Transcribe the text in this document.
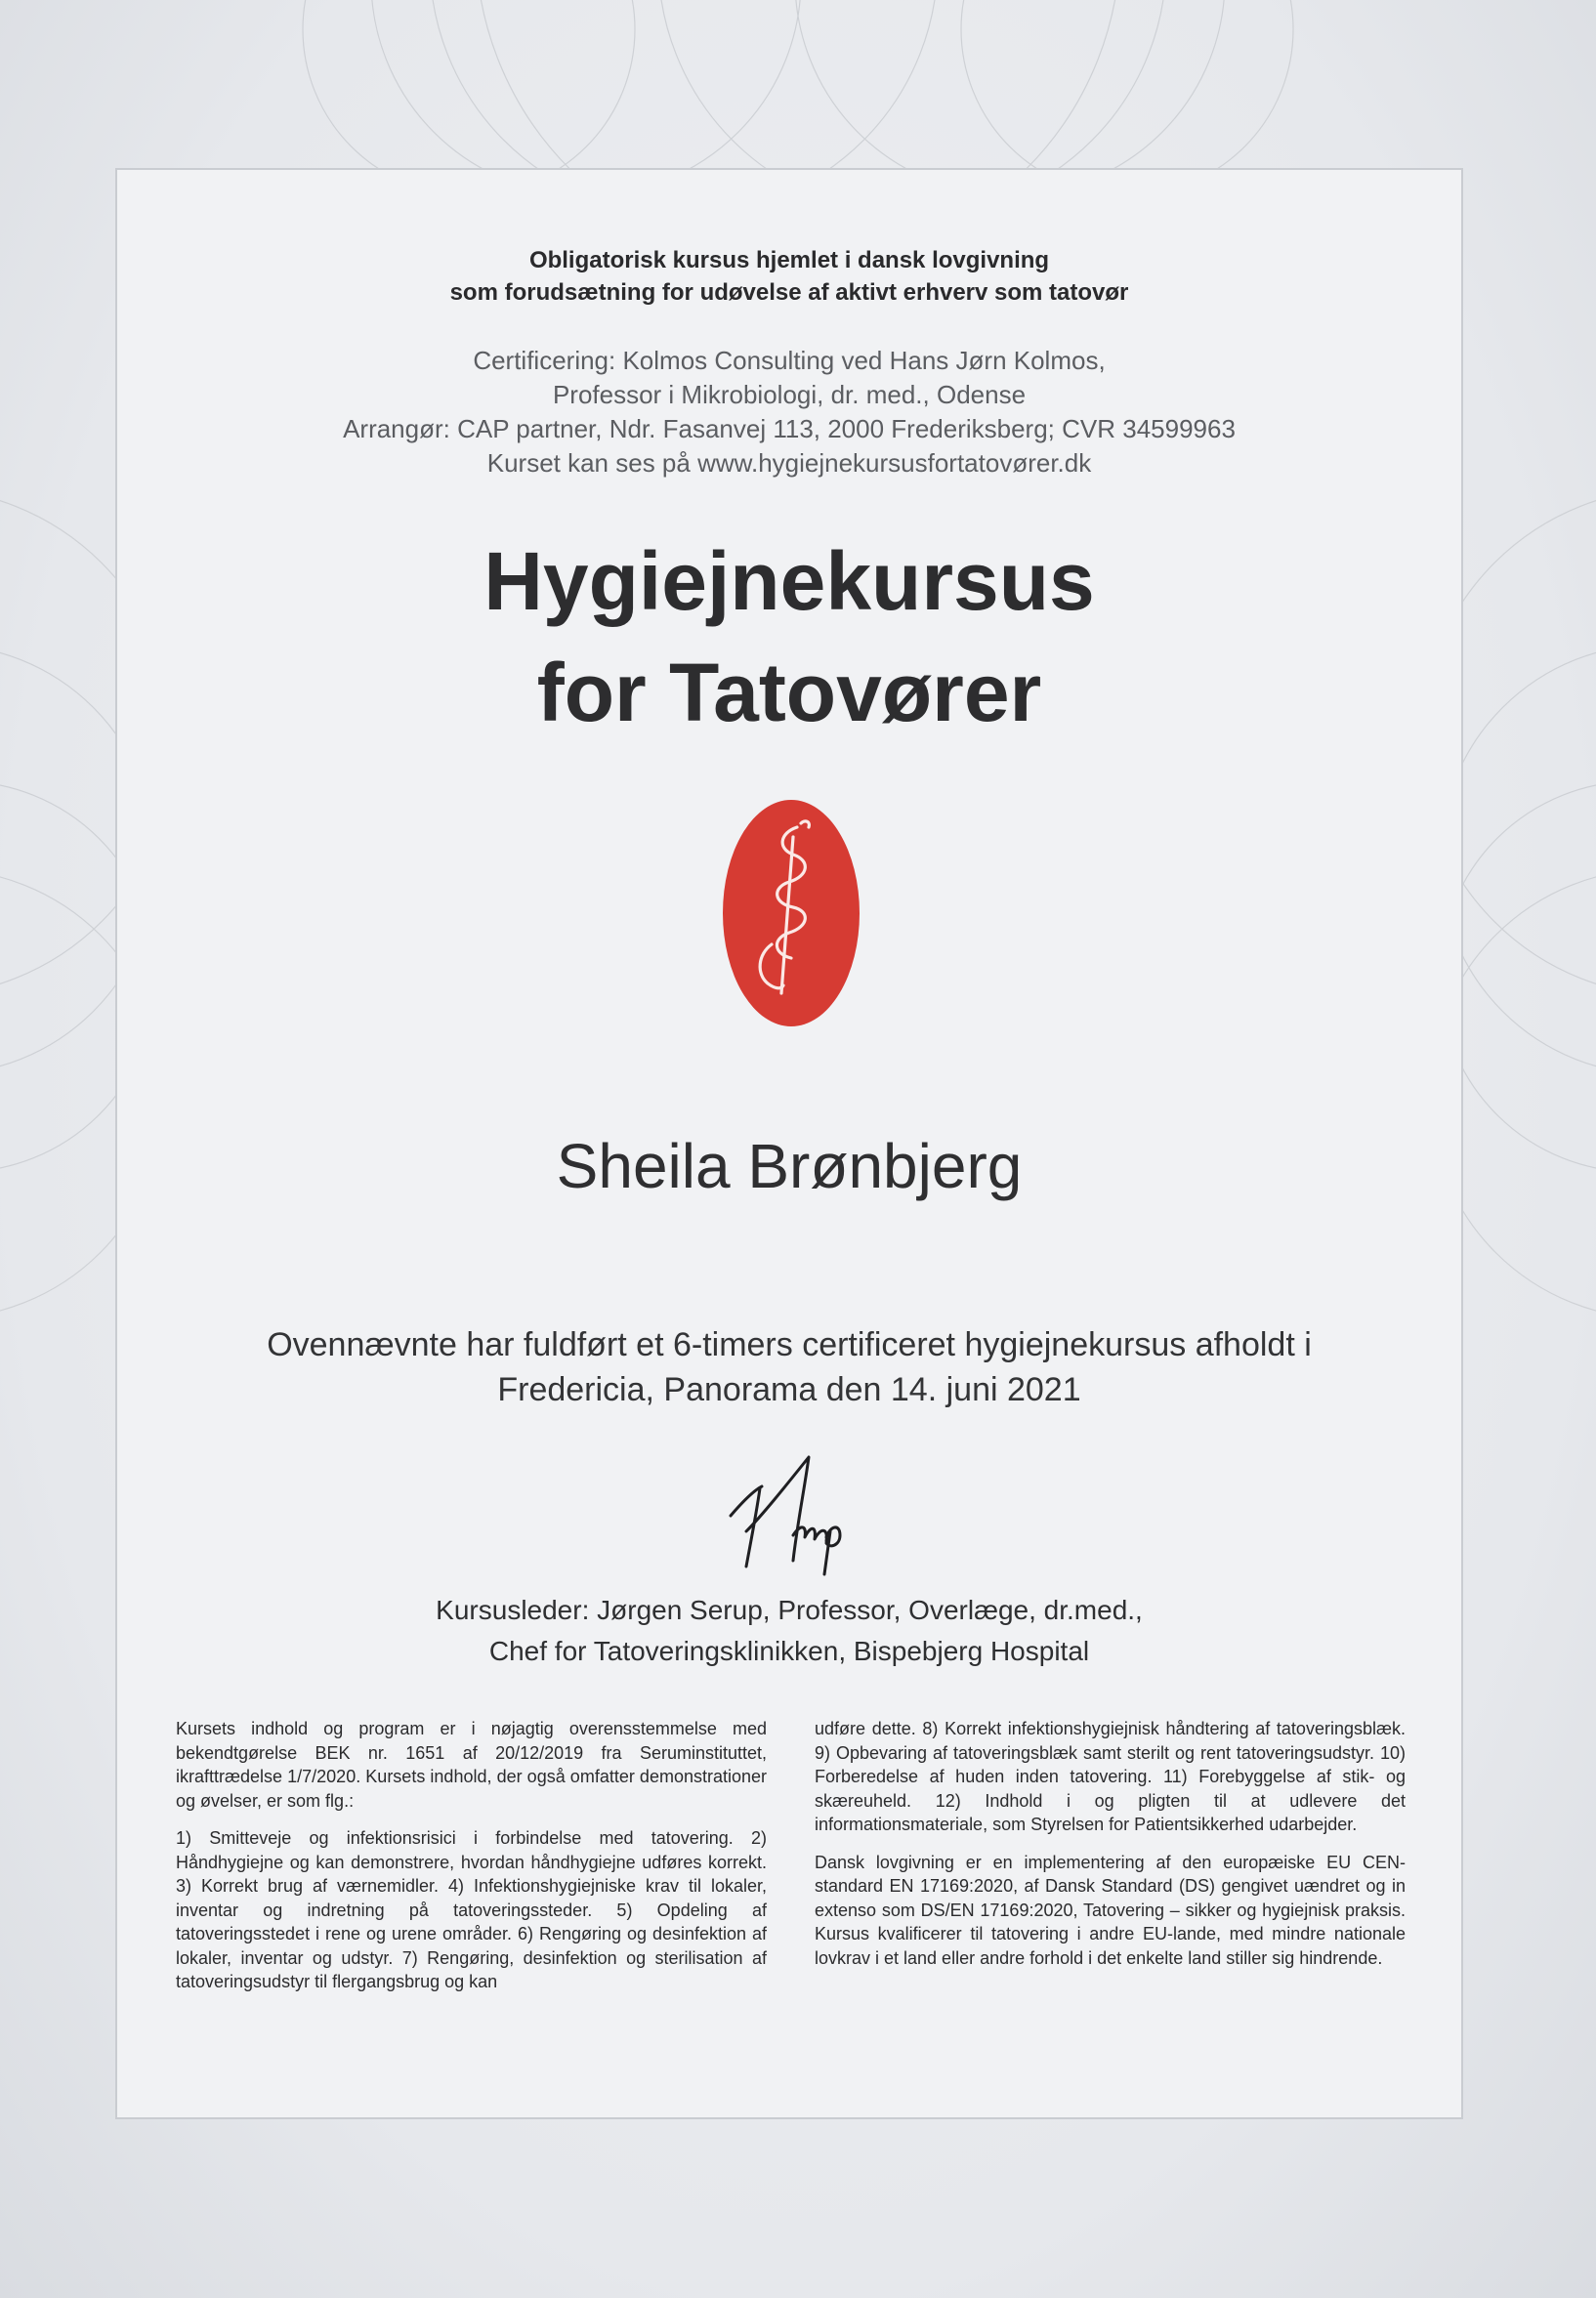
Obligatorisk kursus hjemlet i dansk lovgivning
som forudsætning for udøvelse af aktivt erhverv som tatovør
Certificering: Kolmos Consulting ved Hans Jørn Kolmos,
Professor i Mikrobiologi, dr. med., Odense
Arrangør: CAP partner, Ndr. Fasanvej 113, 2000 Frederiksberg; CVR 34599963
Kurset kan ses på www.hygiejnekursusfortatovører.dk
Hygiejnekursus
for Tatovører
Sheila Brønbjerg
Ovennævnte har fuldført et 6-timers certificeret hygiejnekursus afholdt i
Fredericia, Panorama den 14. juni 2021
Kursusleder: Jørgen Serup, Professor, Overlæge, dr.med.,
Chef for Tatoveringsklinikken, Bispebjerg Hospital

Kursets indhold og program er i nøjagtig overensstemmelse med bekendtgørelse BEK nr. 1651 af 20/12/2019 fra Seruminstituttet, ikrafttrædelse 1/7/2020. Kursets indhold, der også omfatter demonstrationer og øvelser, er som flg.:

1) Smitteveje og infektionsrisici i forbindelse med tatovering. 2) Håndhygiejne og kan demonstrere, hvordan håndhygiejne udføres korrekt. 3) Korrekt brug af værnemidler. 4) Infektionshygiejniske krav til lokaler, inventar og indretning på tatoveringssteder. 5) Opdeling af tatoveringsstedet i rene og urene områder. 6) Rengøring og desinfektion af lokaler, inventar og udstyr. 7) Rengøring, desinfektion og sterilisation af tatoveringsudstyr til flergangsbrug og kan

udføre dette. 8) Korrekt infektionshygiejnisk håndtering af tatoveringsblæk. 9) Opbevaring af tatoveringsblæk samt sterilt og rent tatoveringsudstyr. 10) Forberedelse af huden inden tatovering. 11) Forebyggelse af stik- og skæreuheld. 12) Indhold i og pligten til at udlevere det informationsmateriale, som Styrelsen for Patientsikkerhed udarbejder.

Dansk lovgivning er en implementering af den europæiske EU CEN-standard EN 17169:2020, af Dansk Standard (DS) gengivet uændret og in extenso som DS/EN 17169:2020, Tatovering – sikker og hygiejnisk praksis. Kursus kvalificerer til tatovering i andre EU-lande, med mindre nationale lovkrav i et land eller andre forhold i det enkelte land stiller sig hindrende.
